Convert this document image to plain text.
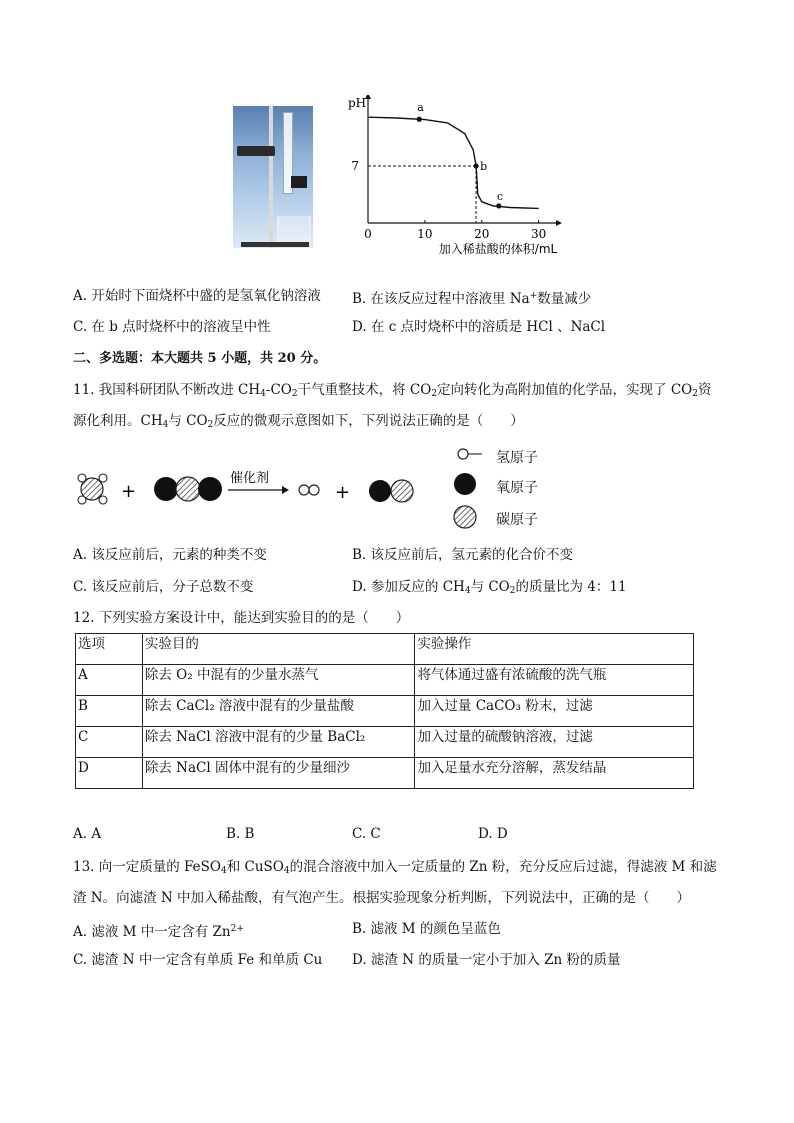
pH
0	10	20	30
7
a
b
c
加入稀盐酸的体积/mL
A. 开始时下面烧杯中盛的是氢氧化钠溶液 B. 在该反应过程中溶液里 Na+数量减少
C. 在 b 点时烧杯中的溶液呈中性	D. 在 c 点时烧杯中的溶质是 HCl 、NaCl
二、多选题：本大题共 5 小题，共 20 分。
11. 我国科研团队不断改进 $CH_4-CO_2$干气重整技术，将 $CO_2$定向转化为高附加值的化学品，实现了 $CO_2$资
源化利用。$CH_4$与 $CO_2$反应的微观示意图如下，下列说法正确的是（　　）
+
催化剂
+
氢原子
氧原子
碳原子
A. 该反应前后，元素的种类不变	B. 该反应前后，氢元素的化合价不变
C. 该反应前后，分子总数不变	D. 参加反应的 $CH_4$与 $CO_2$的质量比为 4：11
12. 下列实验方案设计中，能达到实验目的的是（　　）
选项	实验目的	实验操作
A	除去 O₂ 中混有的少量水蒸气	将气体通过盛有浓硫酸的洗气瓶
B	除去 CaCl₂ 溶液中混有的少量盐酸	加入过量 CaCO₃ 粉末，过滤
C	除去 NaCl 溶液中混有的少量 BaCl₂	加入过量的硫酸钠溶液，过滤
D	除去 NaCl 固体中混有的少量细沙	加入足量水充分溶解，蒸发结晶
A. A	B. B	C. C	D. D
13. 向一定质量的 FeSO$_4$和 CuSO$_4$的混合溶液中加入一定质量的 Zn 粉，充分反应后过滤，得滤液 M 和滤
渣 N。向滤渣 N 中加入稀盐酸，有气泡产生。根据实验现象分析判断，下列说法中，正确的是（　　）
A. 滤液 M 中一定含有 $Zn^{2+}$	B. 滤液 M 的颜色呈蓝色
C. 滤渣 N 中一定含有单质 Fe 和单质 Cu D. 滤渣 N 的质量一定小于加入 Zn 粉的质量
